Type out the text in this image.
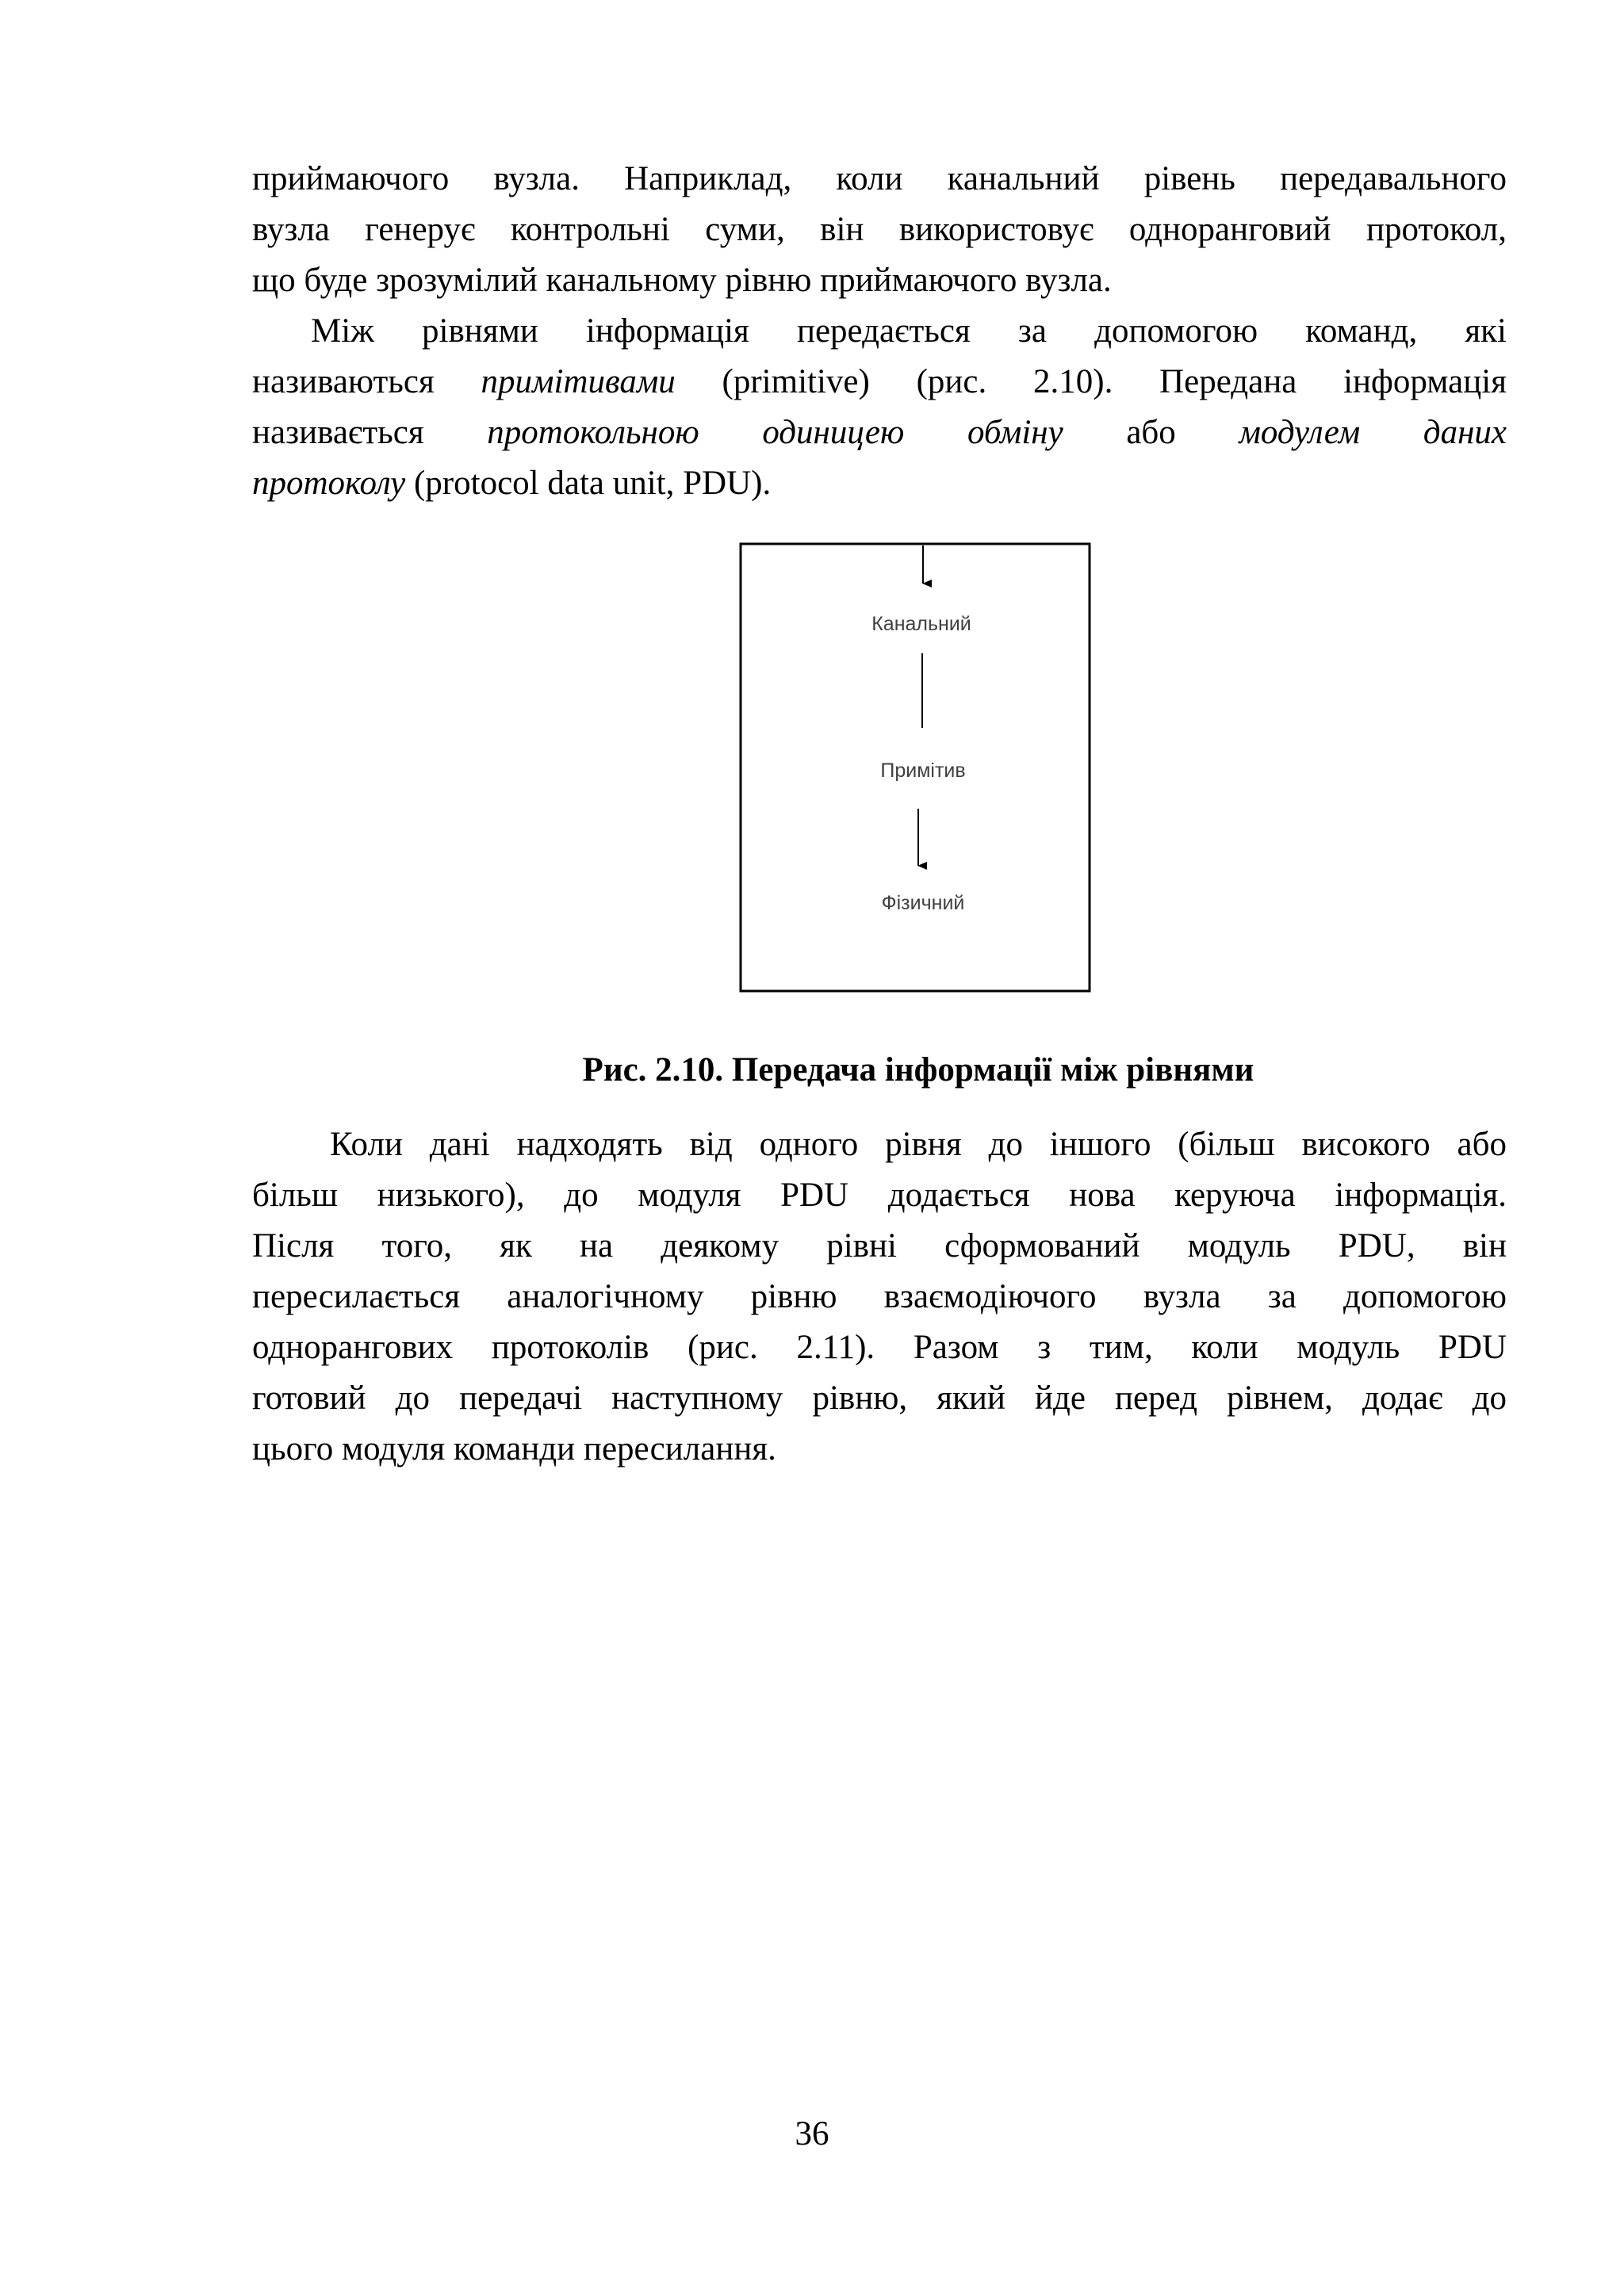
приймаючого вузла. Наприклад, коли канальний рівень передавального
вузла генерує контрольні суми, він використовує одноранговий протокол,
що буде зрозумілий канальному рівню приймаючого вузла.
Між рівнями інформація передається за допомогою команд, які
називаються примітивами (primitive) (рис. 2.10). Передана інформація
називається протокольною одиницею обміну або модулем даних
протоколу (protocol data unit, PDU).
Канальний
Примітив
Фізичний
Рис. 2.10. Передача інформації між рівнями
Коли дані надходять від одного рівня до іншого (більш високого або
більш низького), до модуля PDU додається нова керуюча інформація.
Після того, як на деякому рівні сформований модуль PDU, він
пересилається аналогічному рівню взаємодіючого вузла за допомогою
однорангових протоколів (рис. 2.11). Разом з тим, коли модуль PDU
готовий до передачі наступному рівню, який йде перед рівнем, додає до
цього модуля команди пересилання.
36
